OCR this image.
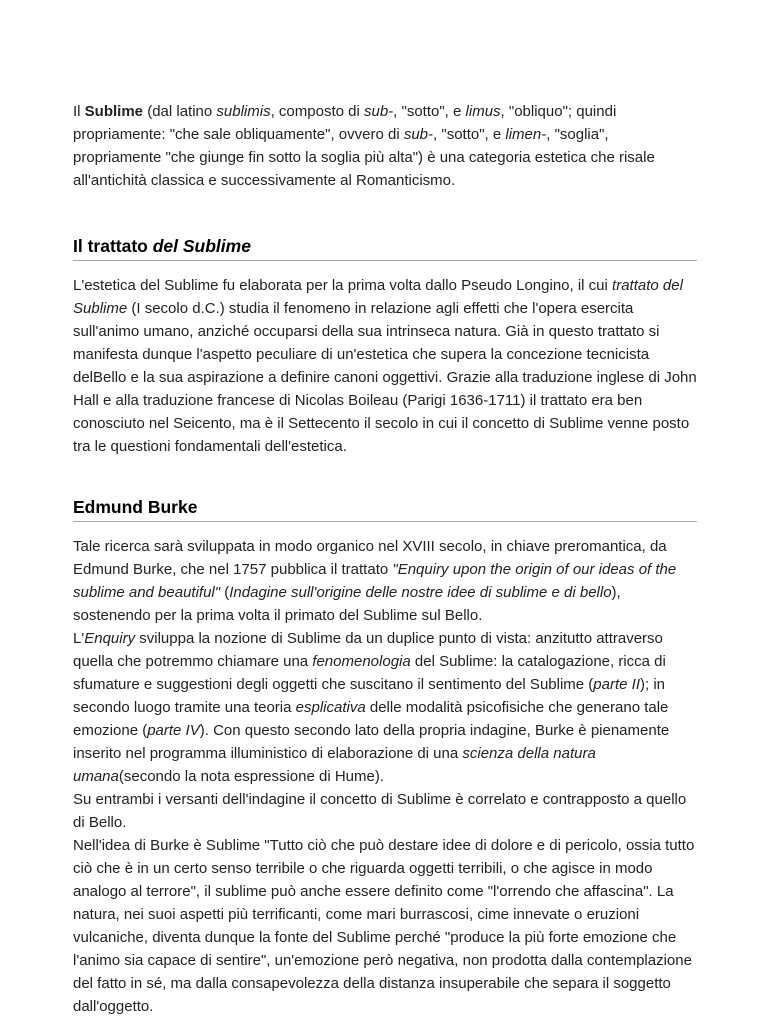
Il Sublime (dal latino sublimis, composto di sub-, "sotto", e limus, "obliquo"; quindi propriamente: "che sale obliquamente", ovvero di sub-, "sotto", e limen-, "soglia", propriamente "che giunge fin sotto la soglia più alta") è una categoria estetica che risale all'antichità classica e successivamente al Romanticismo.

Il trattato del Sublime

L'estetica del Sublime fu elaborata per la prima volta dallo Pseudo Longino, il cui trattato del Sublime (I secolo d.C.) studia il fenomeno in relazione agli effetti che l'opera esercita sull'animo umano, anziché occuparsi della sua intrinseca natura. Già in questo trattato si manifesta dunque l'aspetto peculiare di un'estetica che supera la concezione tecnicista delBello e la sua aspirazione a definire canoni oggettivi. Grazie alla traduzione inglese di John Hall e alla traduzione francese di Nicolas Boileau (Parigi 1636-1711) il trattato era ben conosciuto nel Seicento, ma è il Settecento il secolo in cui il concetto di Sublime venne posto tra le questioni fondamentali dell'estetica.

Edmund Burke

Tale ricerca sarà sviluppata in modo organico nel XVIII secolo, in chiave preromantica, da Edmund Burke, che nel 1757 pubblica il trattato "Enquiry upon the origin of our ideas of the sublime and beautiful" (Indagine sull'origine delle nostre idee di sublime e di bello), sostenendo per la prima volta il primato del Sublime sul Bello.

L'Enquiry sviluppa la nozione di Sublime da un duplice punto di vista: anzitutto attraverso quella che potremmo chiamare una fenomenologia del Sublime: la catalogazione, ricca di sfumature e suggestioni degli oggetti che suscitano il sentimento del Sublime (parte II); in secondo luogo tramite una teoria esplicativa delle modalità psicofisiche che generano tale emozione (parte IV). Con questo secondo lato della propria indagine, Burke è pienamente inserito nel programma illuministico di elaborazione di una scienza della natura umana(secondo la nota espressione di Hume).

Su entrambi i versanti dell'indagine il concetto di Sublime è correlato e contrapposto a quello di Bello.

Nell'idea di Burke è Sublime "Tutto ciò che può destare idee di dolore e di pericolo, ossia tutto ciò che è in un certo senso terribile o che riguarda oggetti terribili, o che agisce in modo analogo al terrore", il sublime può anche essere definito come "l'orrendo che affascina". La natura, nei suoi aspetti più terrificanti, come mari burrascosi, cime innevate o eruzioni vulcaniche, diventa dunque la fonte del Sublime perché "produce la più forte emozione che l'animo sia capace di sentire", un'emozione però negativa, non prodotta dalla contemplazione del fatto in sé, ma dalla consapevolezza della distanza insuperabile che separa il soggetto dall'oggetto.
